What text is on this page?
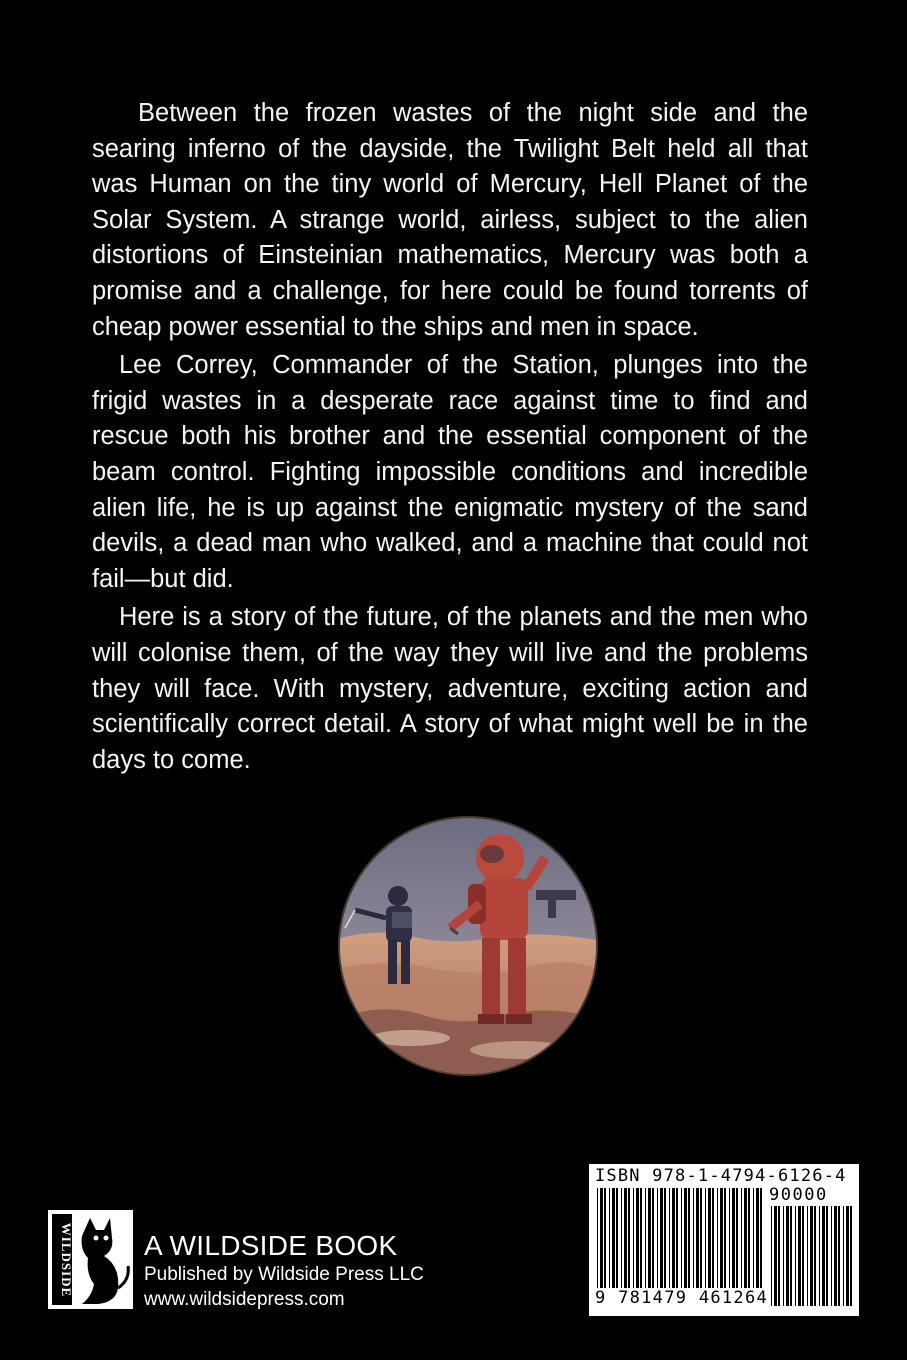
Between the frozen wastes of the night side and the searing inferno of the dayside, the Twilight Belt held all that was Human on the tiny world of Mercury, Hell Planet of the Solar System. A strange world, airless, subject to the alien distortions of Einsteinian mathematics, Mercury was both a promise and a challenge, for here could be found torrents of cheap power essential to the ships and men in space.

Lee Correy, Commander of the Station, plunges into the frigid wastes in a desperate race against time to find and rescue both his brother and the essential component of the beam control. Fighting impossible conditions and incredible alien life, he is up against the enigmatic mystery of the sand devils, a dead man who walked, and a machine that could not fail—but did.

Here is a story of the future, of the planets and the men who will colonise them, of the way they will live and the problems they will face. With mystery, adventure, exciting action and scientifically correct detail. A story of what might well be in the days to come.

WILDSIDE	A WILDSIDE BOOK
Published by Wildside Press LLC
www.wildsidepress.com
ISBN 978-1-4794-6126-4
90000
9 781479 461264
